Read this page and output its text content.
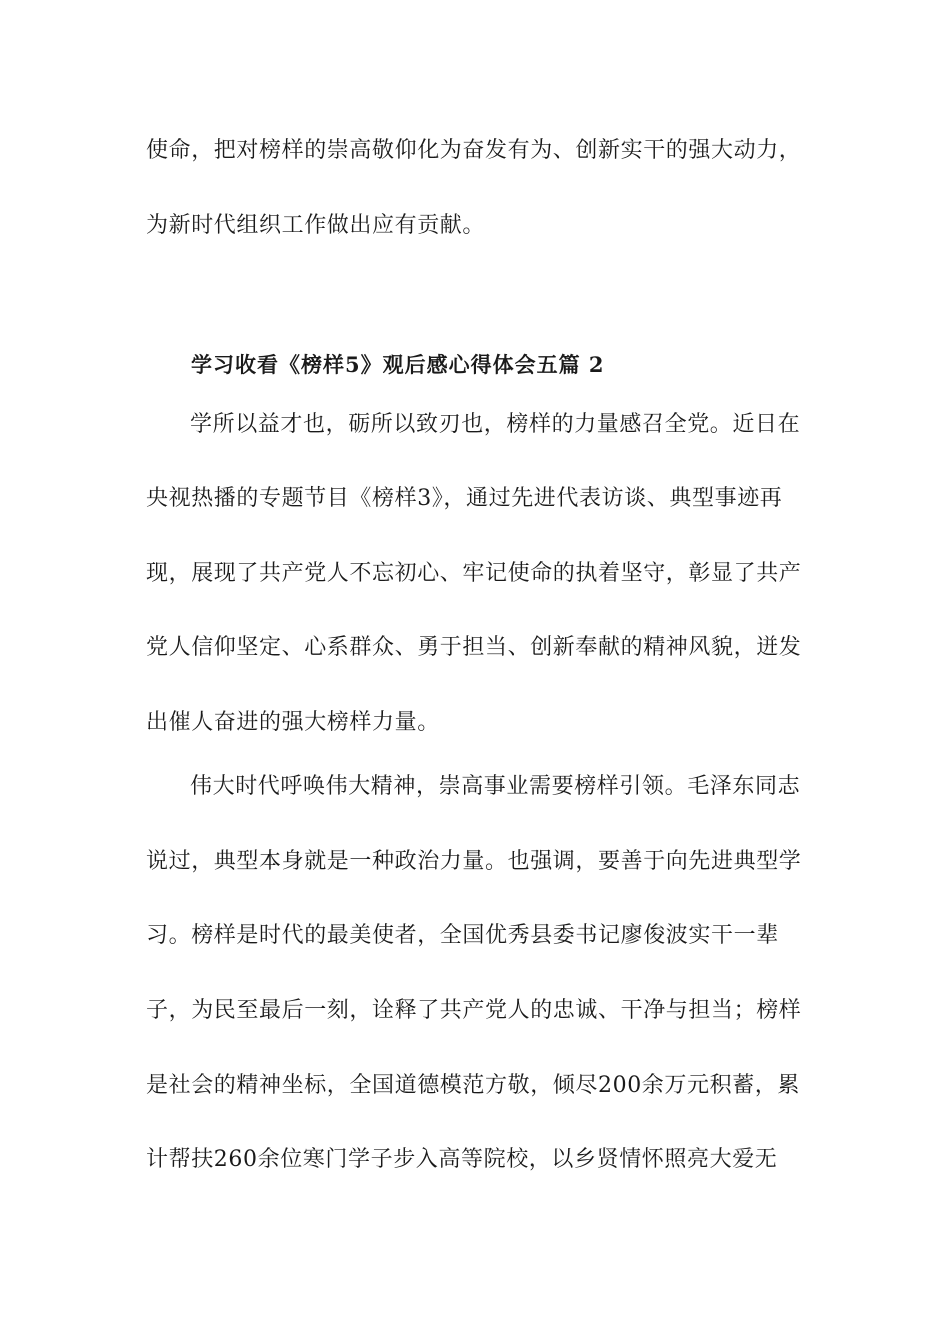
使命，把对榜样的崇高敬仰化为奋发有为、创新实干的强大动力，
为新时代组织工作做出应有贡献。
学习收看《榜样5》观后感心得体会五篇 2
学所以益才也，砺所以致刃也，榜样的力量感召全党。近日在
央视热播的专题节目《榜样3》，通过先进代表访谈、典型事迹再
现，展现了共产党人不忘初心、牢记使命的执着坚守，彰显了共产
党人信仰坚定、心系群众、勇于担当、创新奉献的精神风貌，迸发
出催人奋进的强大榜样力量。
伟大时代呼唤伟大精神，崇高事业需要榜样引领。毛泽东同志
说过，典型本身就是一种政治力量。也强调，要善于向先进典型学
习。榜样是时代的最美使者，全国优秀县委书记廖俊波实干一辈
子，为民至最后一刻，诠释了共产党人的忠诚、干净与担当；榜样
是社会的精神坐标，全国道德模范方敬，倾尽200余万元积蓄，累
计帮扶260余位寒门学子步入高等院校，以乡贤情怀照亮大爱无
